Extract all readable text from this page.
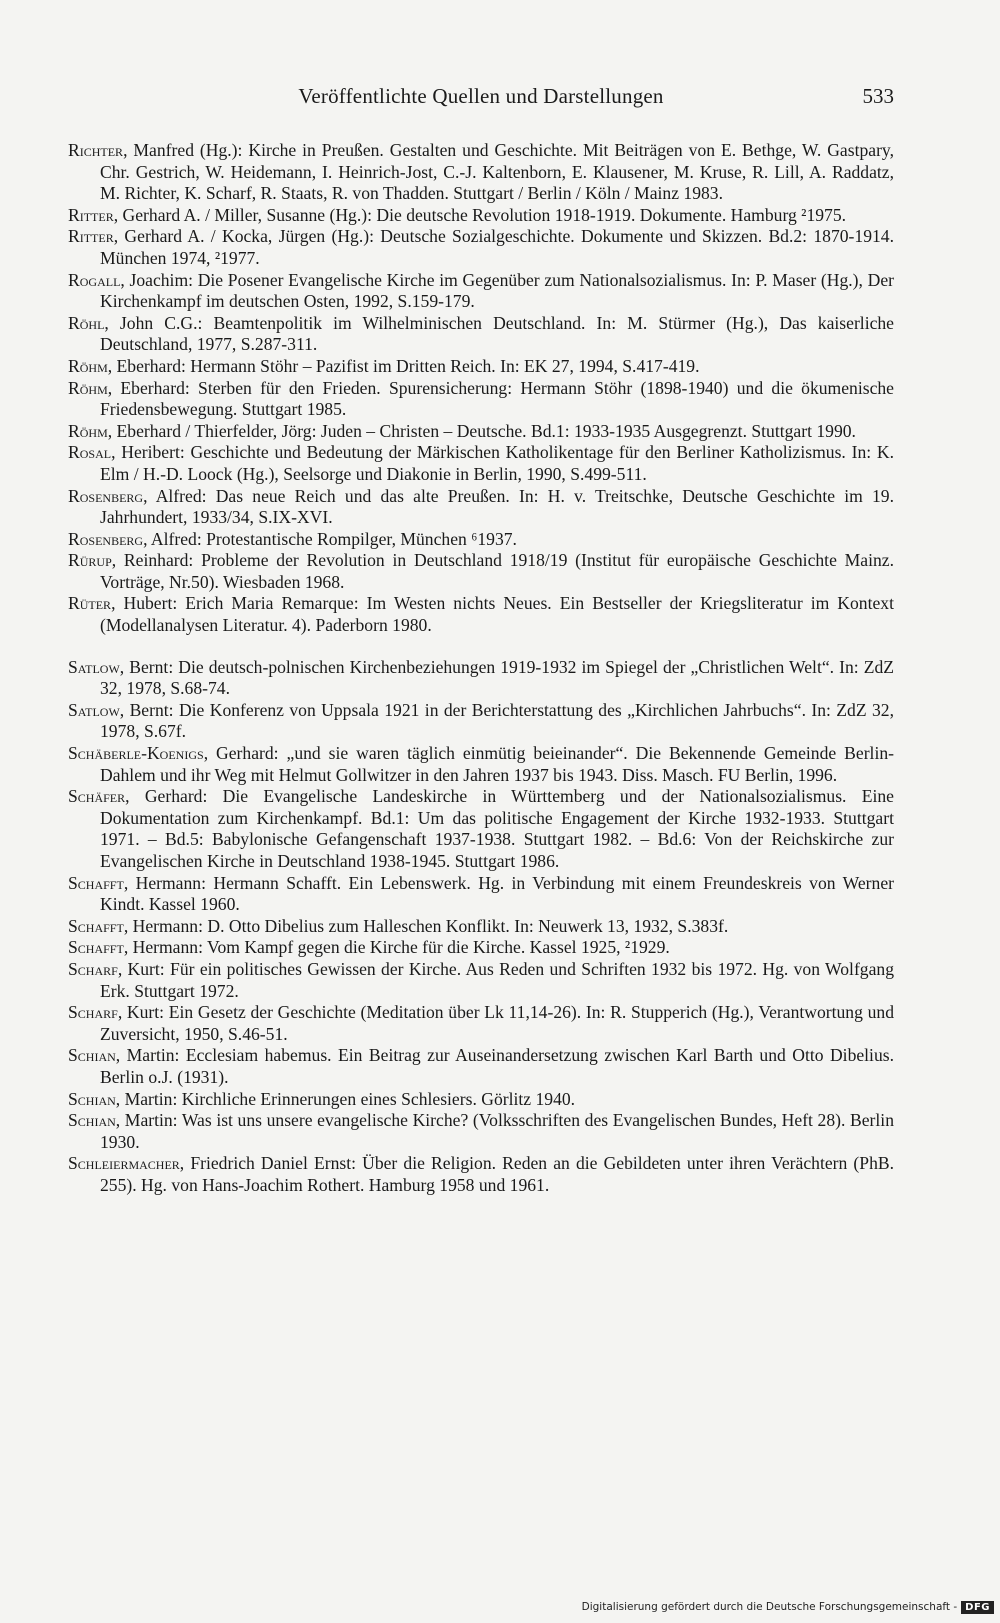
Veröffentlichte Quellen und Darstellungen	533

Richter, Manfred (Hg.): Kirche in Preußen. Gestalten und Geschichte. Mit Beiträgen von E. Bethge, W. Gastpary, Chr. Gestrich, W. Heidemann, I. Heinrich-Jost, C.-J. Kaltenborn, E. Klausener, M. Kruse, R. Lill, A. Raddatz, M. Richter, K. Scharf, R. Staats, R. von Thadden. Stuttgart / Berlin / Köln / Mainz 1983.

Ritter, Gerhard A. / Miller, Susanne (Hg.): Die deutsche Revolution 1918-1919. Dokumente. Hamburg ²1975.

Ritter, Gerhard A. / Kocka, Jürgen (Hg.): Deutsche Sozialgeschichte. Dokumente und Skizzen. Bd.2: 1870-1914. München 1974, ²1977.

Rogall, Joachim: Die Posener Evangelische Kirche im Gegenüber zum Nationalsozialismus. In: P. Maser (Hg.), Der Kirchenkampf im deutschen Osten, 1992, S.159-179.

Röhl, John C.G.: Beamtenpolitik im Wilhelminischen Deutschland. In: M. Stürmer (Hg.), Das kaiserliche Deutschland, 1977, S.287-311.

Röhm, Eberhard: Hermann Stöhr – Pazifist im Dritten Reich. In: EK 27, 1994, S.417-419.

Röhm, Eberhard: Sterben für den Frieden. Spurensicherung: Hermann Stöhr (1898-1940) und die ökumenische Friedensbewegung. Stuttgart 1985.

Röhm, Eberhard / Thierfelder, Jörg: Juden – Christen – Deutsche. Bd.1: 1933-1935 Ausgegrenzt. Stuttgart 1990.

Rosal, Heribert: Geschichte und Bedeutung der Märkischen Katholikentage für den Berliner Katholizismus. In: K. Elm / H.-D. Loock (Hg.), Seelsorge und Diakonie in Berlin, 1990, S.499-511.

Rosenberg, Alfred: Das neue Reich und das alte Preußen. In: H. v. Treitschke, Deutsche Geschichte im 19. Jahrhundert, 1933/34, S.IX-XVI.

Rosenberg, Alfred: Protestantische Rompilger, München ⁶1937.

Rürup, Reinhard: Probleme der Revolution in Deutschland 1918/19 (Institut für europäische Geschichte Mainz. Vorträge, Nr.50). Wiesbaden 1968.

Rüter, Hubert: Erich Maria Remarque: Im Westen nichts Neues. Ein Bestseller der Kriegsliteratur im Kontext (Modellanalysen Literatur. 4). Paderborn 1980.

Satlow, Bernt: Die deutsch-polnischen Kirchenbeziehungen 1919-1932 im Spiegel der „Christlichen Welt“. In: ZdZ 32, 1978, S.68-74.

Satlow, Bernt: Die Konferenz von Uppsala 1921 in der Berichterstattung des „Kirchlichen Jahrbuchs“. In: ZdZ 32, 1978, S.67f.

Schäberle-Koenigs, Gerhard: „und sie waren täglich einmütig beieinander“. Die Bekennende Gemeinde Berlin-Dahlem und ihr Weg mit Helmut Gollwitzer in den Jahren 1937 bis 1943. Diss. Masch. FU Berlin, 1996.

Schäfer, Gerhard: Die Evangelische Landeskirche in Württemberg und der Nationalsozialismus. Eine Dokumentation zum Kirchenkampf. Bd.1: Um das politische Engagement der Kirche 1932-1933. Stuttgart 1971. – Bd.5: Babylonische Gefangenschaft 1937-1938. Stuttgart 1982. – Bd.6: Von der Reichskirche zur Evangelischen Kirche in Deutschland 1938-1945. Stuttgart 1986.

Schafft, Hermann: Hermann Schafft. Ein Lebenswerk. Hg. in Verbindung mit einem Freundeskreis von Werner Kindt. Kassel 1960.

Schafft, Hermann: D. Otto Dibelius zum Halleschen Konflikt. In: Neuwerk 13, 1932, S.383f.

Schafft, Hermann: Vom Kampf gegen die Kirche für die Kirche. Kassel 1925, ²1929.

Scharf, Kurt: Für ein politisches Gewissen der Kirche. Aus Reden und Schriften 1932 bis 1972. Hg. von Wolfgang Erk. Stuttgart 1972.

Scharf, Kurt: Ein Gesetz der Geschichte (Meditation über Lk 11,14-26). In: R. Stupperich (Hg.), Verantwortung und Zuversicht, 1950, S.46-51.

Schian, Martin: Ecclesiam habemus. Ein Beitrag zur Auseinandersetzung zwischen Karl Barth und Otto Dibelius. Berlin o.J. (1931).

Schian, Martin: Kirchliche Erinnerungen eines Schlesiers. Görlitz 1940.

Schian, Martin: Was ist uns unsere evangelische Kirche? (Volksschriften des Evangelischen Bundes, Heft 28). Berlin 1930.

Schleiermacher, Friedrich Daniel Ernst: Über die Religion. Reden an die Gebildeten unter ihren Verächtern (PhB. 255). Hg. von Hans-Joachim Rothert. Hamburg 1958 und 1961.

Digitalisierung gefördert durch die Deutsche Forschungsgemeinschaft - DFG
